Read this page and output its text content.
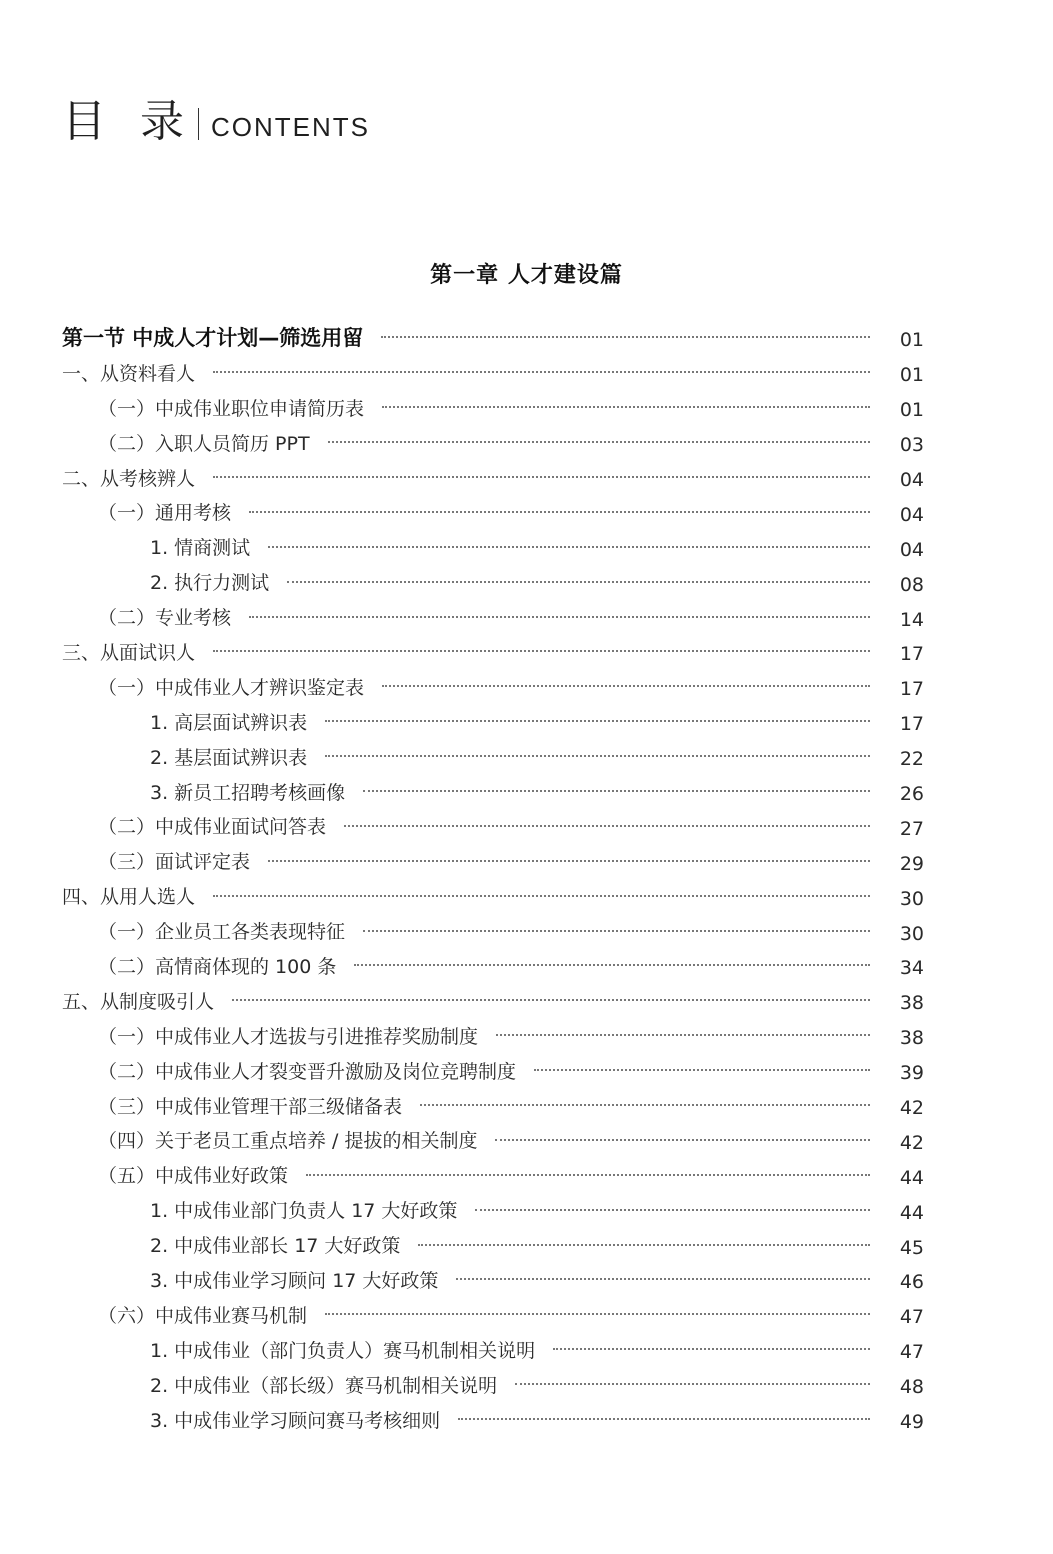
目 录 CONTENTS
第一章 人才建设篇
第一节 中成人才计划—筛选用留	01
一、从资料看人	01
（一）中成伟业职位申请简历表	01
（二）入职人员简历 PPT	03
二、从考核辨人	04
（一）通用考核	04
1. 情商测试	04
2. 执行力测试	08
（二）专业考核	14
三、从面试识人	17
（一）中成伟业人才辨识鉴定表	17
1. 高层面试辨识表	17
2. 基层面试辨识表	22
3. 新员工招聘考核画像	26
（二）中成伟业面试问答表	27
（三）面试评定表	29
四、从用人选人	30
（一）企业员工各类表现特征	30
（二）高情商体现的 100 条	34
五、从制度吸引人	38
（一）中成伟业人才选拔与引进推荐奖励制度	38
（二）中成伟业人才裂变晋升激励及岗位竞聘制度	39
（三）中成伟业管理干部三级储备表	42
（四）关于老员工重点培养 / 提拔的相关制度	42
（五）中成伟业好政策	44
1. 中成伟业部门负责人 17 大好政策	44
2. 中成伟业部长 17 大好政策	45
3. 中成伟业学习顾问 17 大好政策	46
（六）中成伟业赛马机制	47
1. 中成伟业（部门负责人）赛马机制相关说明	47
2. 中成伟业（部长级）赛马机制相关说明	48
3. 中成伟业学习顾问赛马考核细则	49
